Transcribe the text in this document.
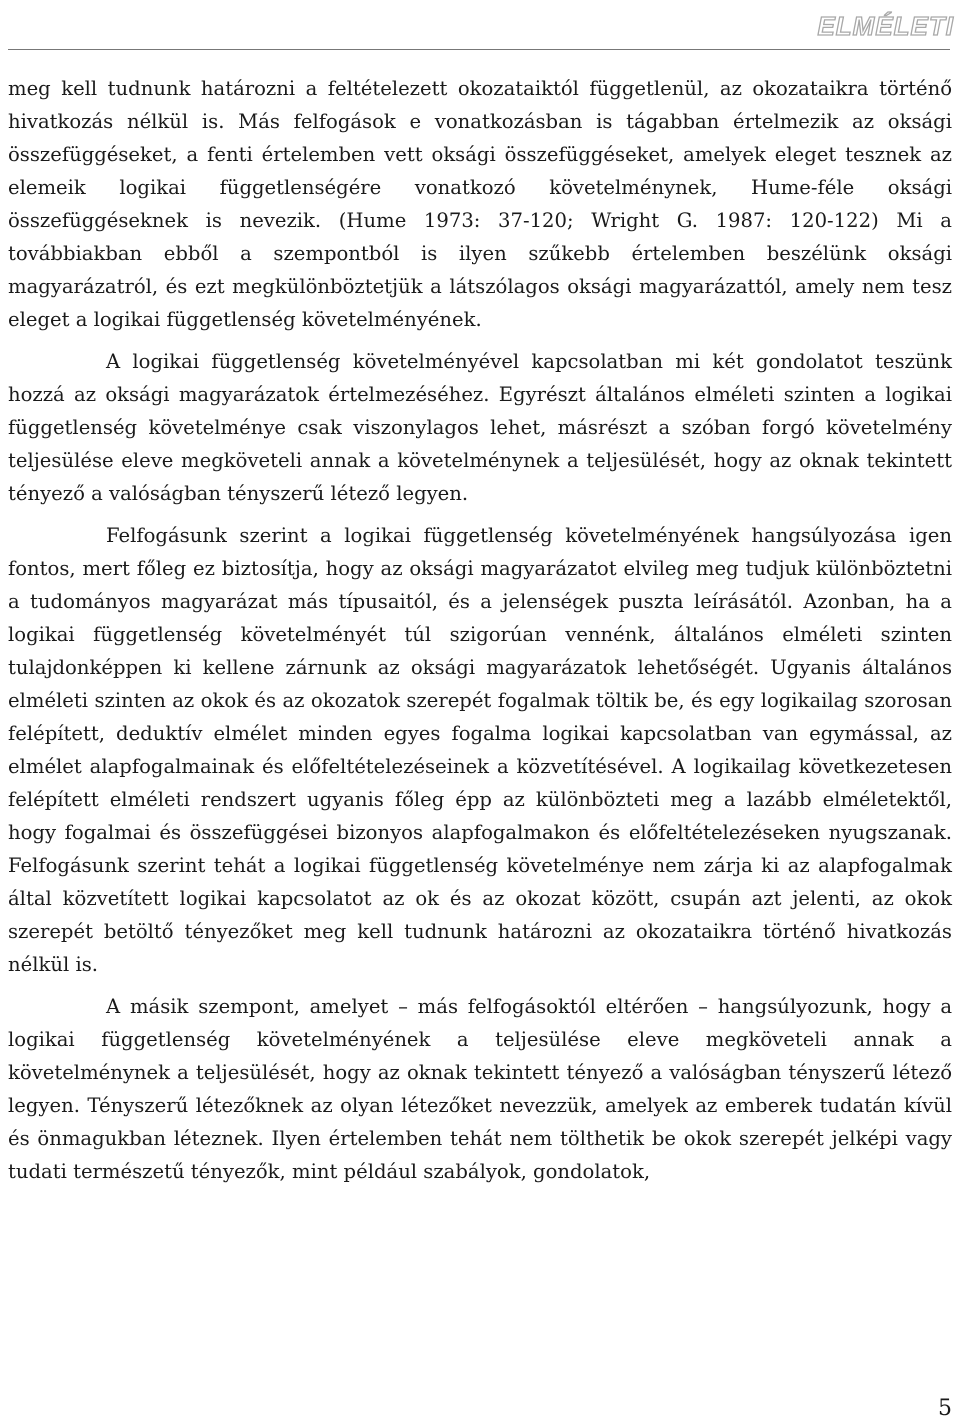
elméleti

meg kell tudnunk határozni a feltételezett okozataiktól függetlenül, az okozataikra történő hivatkozás nélkül is. Más felfogások e vonatkozásban is tágabban értelmezik az oksági összefüggéseket, a fenti értelemben vett oksági összefüggéseket, amelyek eleget tesznek az elemeik logikai függetlenségére vonatkozó követelménynek, Hume-féle oksági összefüggéseknek is nevezik. (Hume 1973: 37-120; Wright G. 1987: 120-122) Mi a továbbiakban ebből a szempontból is ilyen szűkebb értelemben beszélünk oksági magyarázatról, és ezt megkülönböztetjük a látszólagos oksági magyarázattól, amely nem tesz eleget a logikai függetlenség követelményének.

A logikai függetlenség követelményével kapcsolatban mi két gondolatot teszünk hozzá az oksági magyarázatok értelmezéséhez. Egyrészt általános elméleti szinten a logikai függetlenség követelménye csak viszonylagos lehet, másrészt a szóban forgó követelmény teljesülése eleve megköveteli annak a követelménynek a teljesülését, hogy az oknak tekintett tényező a valóságban tényszerű létező legyen.

Felfogásunk szerint a logikai függetlenség követelményének hangsúlyozása igen fontos, mert főleg ez biztosítja, hogy az oksági magyarázatot elvileg meg tudjuk különböztetni a tudományos magyarázat más típusaitól, és a jelenségek puszta leírásától. Azonban, ha a logikai függetlenség követelményét túl szigorúan vennénk, általános elméleti szinten tulajdonképpen ki kellene zárnunk az oksági magyarázatok lehetőségét. Ugyanis általános elméleti szinten az okok és az okozatok szerepét fogalmak töltik be, és egy logikailag szorosan felépített, deduktív elmélet minden egyes fogalma logikai kapcsolatban van egymással, az elmélet alapfogalmainak és előfeltételezéseinek a közvetítésével. A logikailag következetesen felépített elméleti rendszert ugyanis főleg épp az különbözteti meg a lazább elméletektől, hogy fogalmai és összefüggései bizonyos alapfogalmakon és előfeltételezéseken nyugszanak. Felfogásunk szerint tehát a logikai függetlenség követelménye nem zárja ki az alapfogalmak által közvetített logikai kapcsolatot az ok és az okozat között, csupán azt jelenti, az okok szerepét betöltő tényezőket meg kell tudnunk határozni az okozataikra történő hivatkozás nélkül is.

A másik szempont, amelyet – más felfogásoktól eltérően – hangsúlyozunk, hogy a logikai függetlenség követelményének a teljesülése eleve megköveteli annak a követelménynek a teljesülését, hogy az oknak tekintett tényező a valóságban tényszerű létező legyen. Tényszerű létezőknek az olyan létezőket nevezzük, amelyek az emberek tudatán kívül és önmagukban léteznek. Ilyen értelemben tehát nem tölthetik be okok szerepét jelképi vagy tudati természetű tényezők, mint például szabályok, gondolatok,

5
